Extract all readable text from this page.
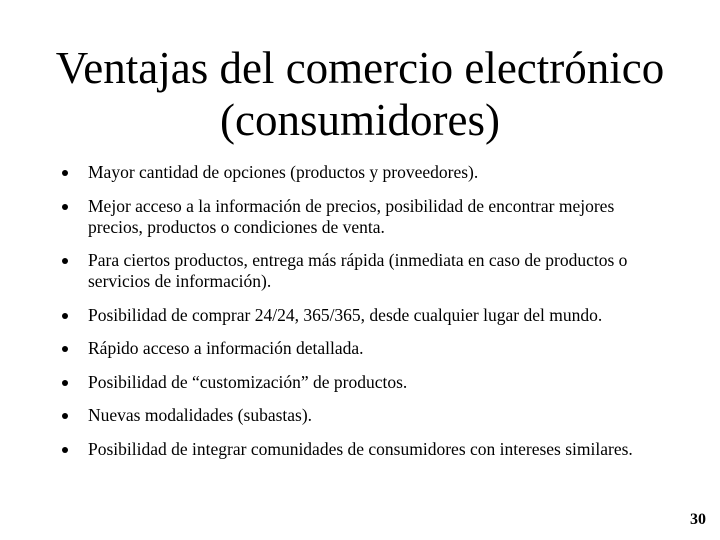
Ventajas del comercio electrónico (consumidores)
Mayor cantidad de opciones (productos y proveedores).
Mejor acceso a la información de precios, posibilidad de encontrar mejores precios, productos o condiciones de venta.
Para ciertos productos, entrega más rápida (inmediata en caso de productos o servicios de información).
Posibilidad de comprar 24/24, 365/365, desde cualquier lugar del mundo.
Rápido acceso a información detallada.
Posibilidad de “customización” de productos.
Nuevas modalidades (subastas).
Posibilidad de integrar comunidades de consumidores con intereses similares.
30
